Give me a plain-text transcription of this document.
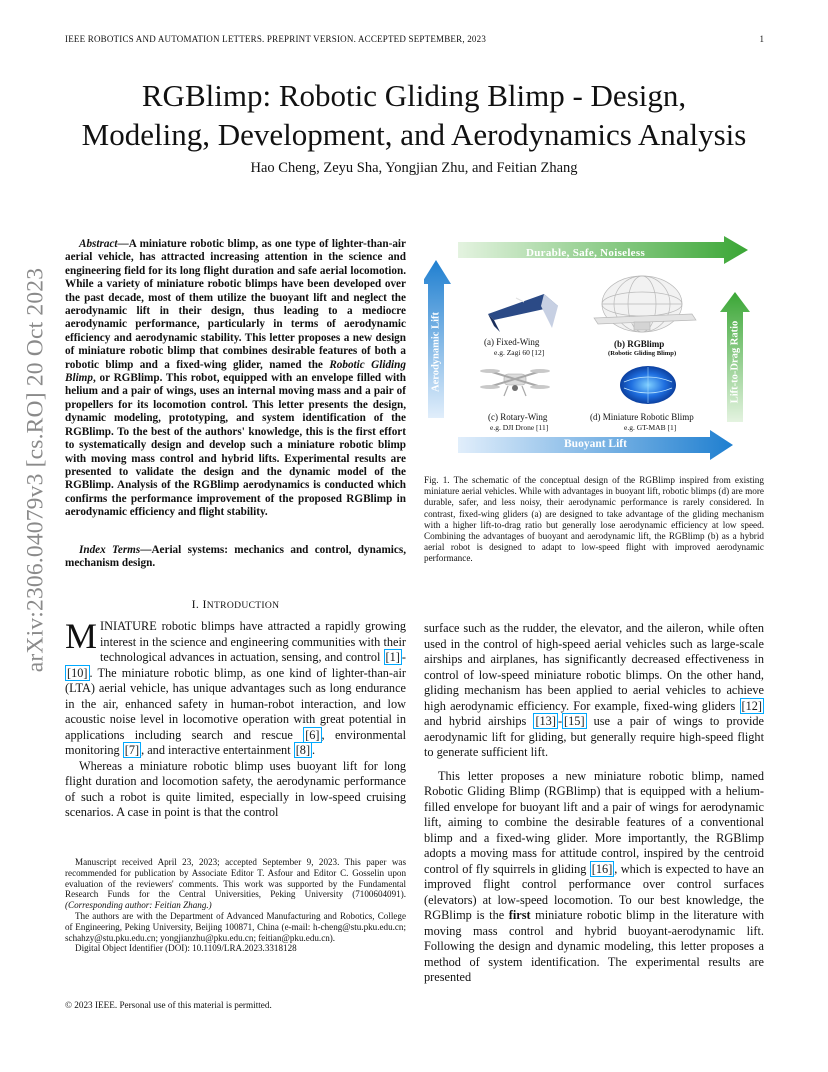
IEEE ROBOTICS AND AUTOMATION LETTERS. PREPRINT VERSION. ACCEPTED SEPTEMBER, 2023	1
arXiv:2306.04079v3 [cs.RO] 20 Oct 2023
RGBlimp: Robotic Gliding Blimp - Design,
Modeling, Development, and Aerodynamics Analysis
Hao Cheng, Zeyu Sha, Yongjian Zhu, and Feitian Zhang
Abstract—A miniature robotic blimp, as one type of lighter-than-air aerial vehicle, has attracted increasing attention in the science and engineering field for its long flight duration and safe aerial locomotion. While a variety of miniature robotic blimps have been developed over the past decade, most of them utilize the buoyant lift and neglect the aerodynamic lift in their design, thus leading to a mediocre aerodynamic performance, particularly in terms of aerodynamic efficiency and aerodynamic stability. This letter proposes a new design of miniature robotic blimp that combines desirable features of both a robotic blimp and a fixed-wing glider, named the Robotic Gliding Blimp, or RGBlimp. This robot, equipped with an envelope filled with helium and a pair of wings, uses an internal moving mass and a pair of propellers for its locomotion control. This letter presents the design, dynamic modeling, prototyping, and system identification of the RGBlimp. To the best of the authors' knowledge, this is the first effort to systematically design and develop such a miniature robotic blimp with moving mass control and hybrid lifts. Experimental results are presented to validate the design and the dynamic model of the RGBlimp. Analysis of the RGBlimp aerodynamics is conducted which confirms the performance improvement of the proposed RGBlimp in aerodynamic efficiency and flight stability.
Index Terms—Aerial systems: mechanics and control, dynamics, mechanism design.
I. INTRODUCTION

MINIATURE robotic blimps have attracted a rapidly growing interest in the science and engineering communities with their technological advances in actuation, sensing, and control [1] - [10] . The miniature robotic blimp, as one kind of lighter-than-air (LTA) aerial vehicle, has unique advantages such as long endurance in the air, enhanced safety in human-robot interaction, and low acoustic noise level in locomotive operation with great potential in applications including search and rescue [6] , environmental monitoring [7] , and interactive entertainment [8] .

Whereas a miniature robotic blimp uses buoyant lift for long flight duration and locomotion safety, the aerodynamic performance of such a robot is quite limited, especially in low-speed cruising scenarios. A case in point is that the control

Manuscript received April 23, 2023; accepted September 9, 2023. This paper was recommended for publication by Associate Editor T. Asfour and Editor C. Gosselin upon evaluation of the reviewers' comments. This work was supported by the Fundamental Research Funds for the Central Universities, Peking University (7100604091). (Corresponding author: Feitian Zhang.)

The authors are with the Department of Advanced Manufacturing and Robotics, College of Engineering, Peking University, Beijing 100871, China (e-mail: h-cheng@stu.pku.edu.cn; schahzy@stu.pku.edu.cn; yongjianzhu@pku.edu.cn; feitian@pku.edu.cn).

Digital Object Identifier (DOI): 10.1109/LRA.2023.3318128

© 2023 IEEE. Personal use of this material is permitted.
Durable, Safe, Noiseless
Buoyant Lift
Aerodynamic Lift	Lift-to-Drag Ratio
(a) Fixed-Wing
e.g. Zagi 60 [12]
(b) RGBlimp
(Robotic Gliding Blimp)
(c) Rotary-Wing
e.g. DJI Drone [11]
(d) Miniature Robotic Blimp
e.g. GT-MAB [1]
Fig. 1. The schematic of the conceptual design of the RGBlimp inspired from existing miniature aerial vehicles. While with advantages in buoyant lift, robotic blimps (d) are more durable, safer, and less noisy, their aerodynamic performance is rarely considered. In contrast, fixed-wing gliders (a) are designed to take advantage of the gliding mechanism with a higher lift-to-drag ratio but generally lose aerodynamic efficiency at low speed. Combining the advantages of buoyant and aerodynamic lift, the RGBlimp (b) as a hybrid aerial robot is designed to adapt to low-speed flight with improved aerodynamic performance.

surface such as the rudder, the elevator, and the aileron, while often used in the control of high-speed aerial vehicles such as large-scale airships and airplanes, has significantly decreased effectiveness in control of low-speed miniature robotic blimps. On the other hand, gliding mechanism has been applied to aerial vehicles to achieve high aerodynamic efficiency. For example, fixed-wing gliders [12] and hybrid airships [13] - [15] use a pair of wings to provide aerodynamic lift for gliding, but generally require high-speed flight to generate sufficient lift.

This letter proposes a new miniature robotic blimp, named Robotic Gliding Blimp (RGBlimp) that is equipped with a helium-filled envelope for buoyant lift and a pair of wings for aerodynamic lift, aiming to combine the desirable features of a conventional blimp and a fixed-wing glider. More importantly, the RGBlimp adopts a moving mass for attitude control, inspired by the centroid control of fly squirrels in gliding [16] , which is expected to have an improved flight control performance over control surfaces (elevators) at low-speed locomotion. To our best knowledge, the RGBlimp is the first miniature robotic blimp in the literature with moving mass control and hybrid buoyant-aerodynamic lift. Following the design and dynamic modeling, this letter proposes a method of system identification. The experimental results are presented
